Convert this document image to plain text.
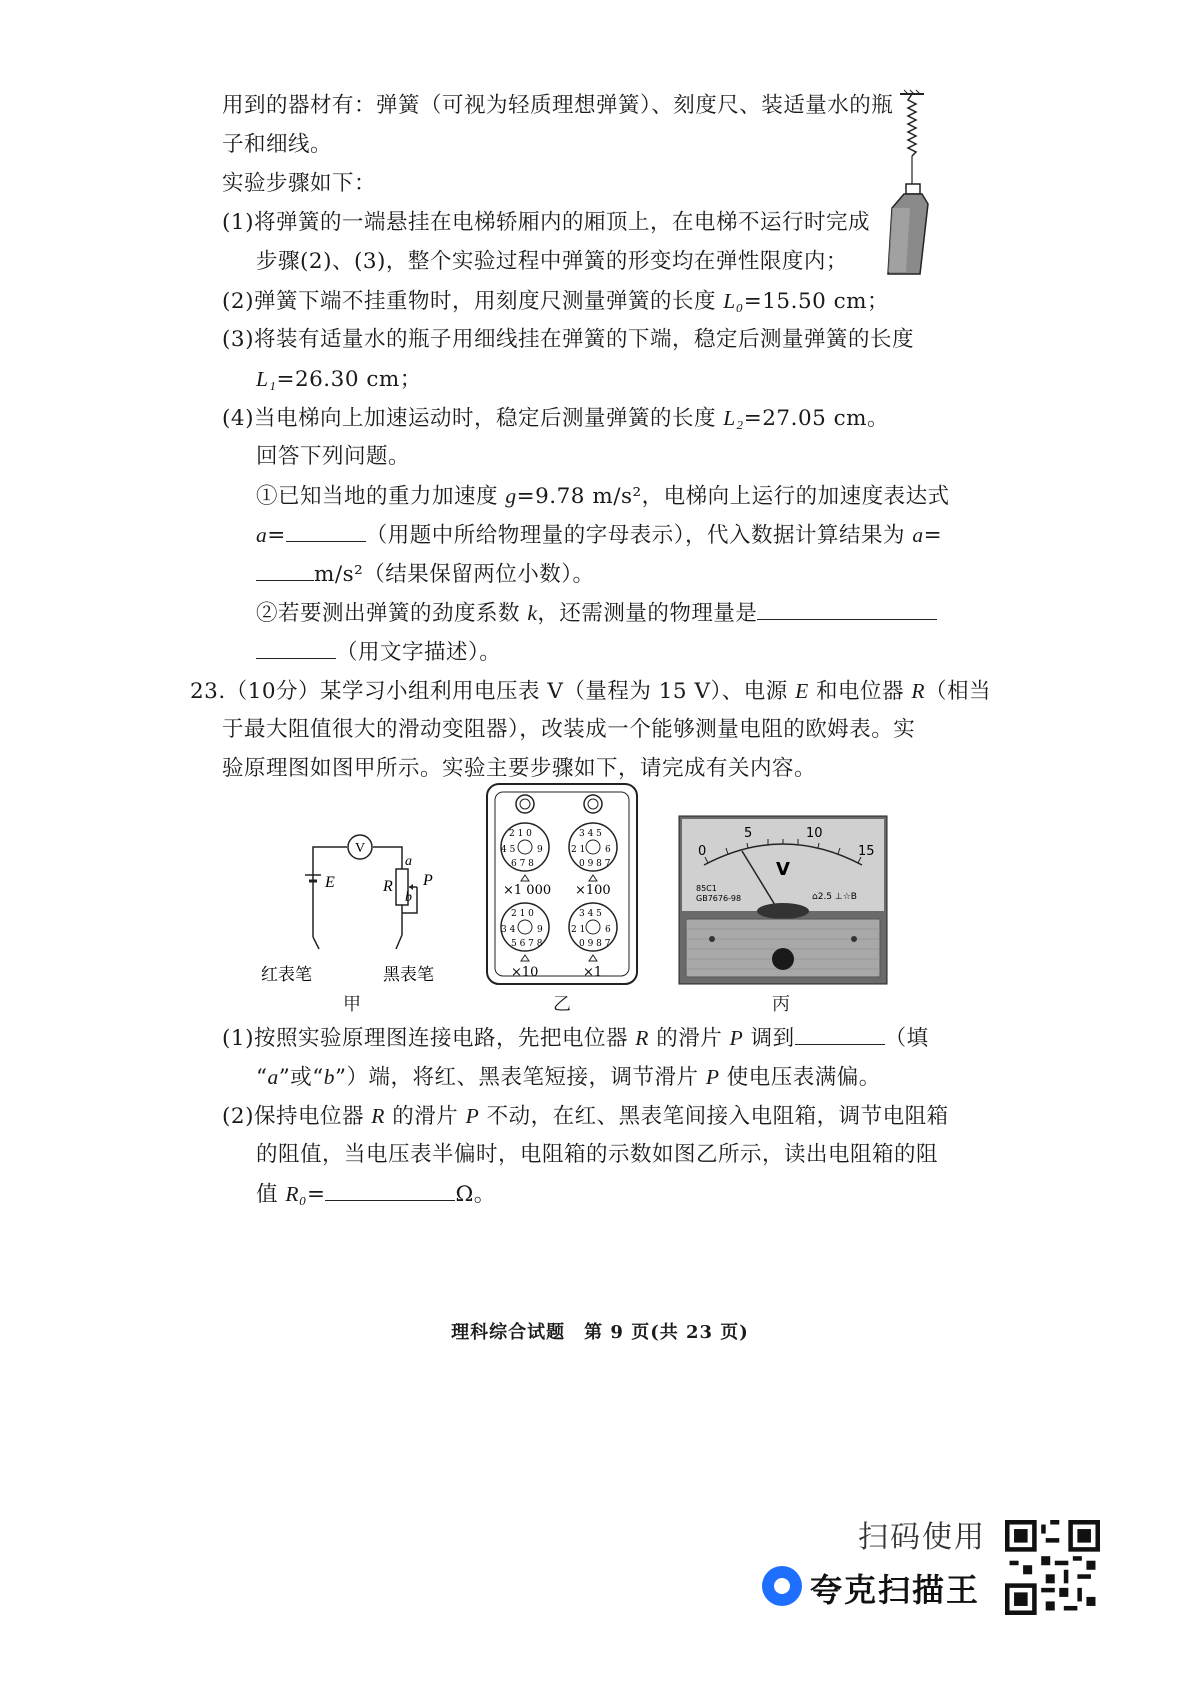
用到的器材有：弹簧（可视为轻质理想弹簧）、刻度尺、装适量水的瓶
子和细线。
实验步骤如下：
(1)将弹簧的一端悬挂在电梯轿厢内的厢顶上，在电梯不运行时完成
步骤(2)、(3)，整个实验过程中弹簧的形变均在弹性限度内；
(2)弹簧下端不挂重物时，用刻度尺测量弹簧的长度 L₀=15.50 cm；
(3)将装有适量水的瓶子用细线挂在弹簧的下端，稳定后测量弹簧的长度
L₁=26.30 cm；
(4)当电梯向上加速运动时，稳定后测量弹簧的长度 L₂=27.05 cm。
回答下列问题。
①已知当地的重力加速度 g=9.78 m/s²，电梯向上运行的加速度表达式
a=	（用题中所给物理量的字母表示），代入数据计算结果为 a=
m/s²（结果保留两位小数）。
②若要测出弹簧的劲度系数 k，还需测量的物理量是
（用文字描述）。
23.（10分）某学习小组利用电压表 V（量程为 15 V）、电源 E 和电位器 R（相当
于最大阻值很大的滑动变阻器），改装成一个能够测量电阻的欧姆表。实
验原理图如图甲所示。实验主要步骤如下，请完成有关内容。
V
E	R
a
b
P
红表笔	黑表笔
甲
2 1 0
4 5 9
6 7 8
×1 000
3 4 5
2 1 6
0 9 8 7
×100
2 1 0
3 4 9
5 6 7 8
×10
3 4 5
2 1 6
0 9 8 7
×1
乙
0
5	10
15
V
85C1
GB7676-98	⌂2.5 ⊥☆B
丙
(1)按照实验原理图连接电路，先把电位器 R 的滑片 P 调到	（填
“a”或“b”）端，将红、黑表笔短接，调节滑片 P 使电压表满偏。
(2)保持电位器 R 的滑片 P 不动，在红、黑表笔间接入电阻箱，调节电阻箱
的阻值，当电压表半偏时，电阻箱的示数如图乙所示，读出电阻箱的阻
值 R₀=	Ω。
理科综合试题　第 9 页(共 23 页)
扫码使用
夸克扫描王
